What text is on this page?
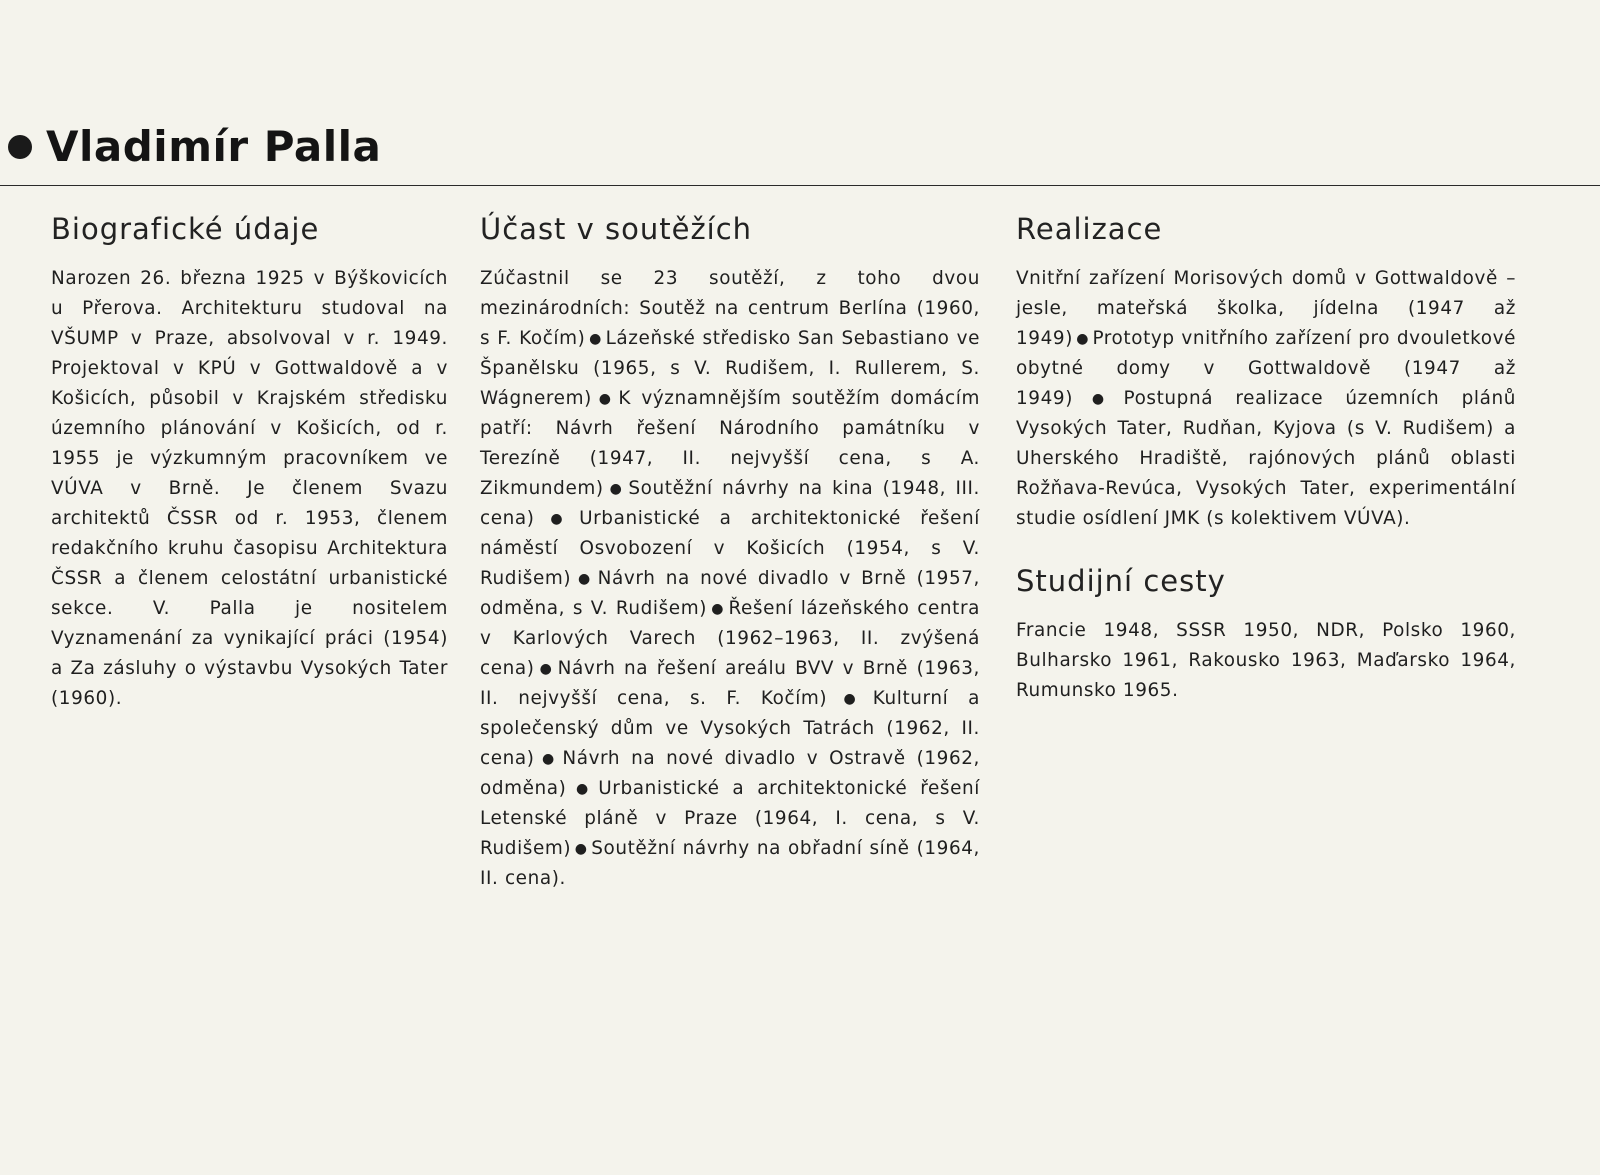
Vladimír Palla
Biografické údaje

Narozen 26. března 1925 v Býškovicích u Přerova. Architekturu studoval na VŠUMP v Praze, absolvoval v r. 1949. Projektoval v KPÚ v Gottwaldově a v Košicích, působil v Krajském středisku územního plánování v Košicích, od r. 1955 je výzkumným pracovníkem ve VÚVA v Brně. Je členem Svazu architektů ČSSR od r. 1953, členem redakčního kruhu časopisu Architektura ČSSR a členem celostátní urbanistické sekce. V. Palla je nositelem Vyznamenání za vynikající práci (1954) a Za zásluhy o výstavbu Vysokých Tater (1960).

Účast v soutěžích

Zúčastnil se 23 soutěží, z toho dvou mezinárodních: Soutěž na centrum Berlína (1960, s F. Kočím) ● Lázeňské středisko San Sebastiano ve Španělsku (1965, s V. Rudišem, I. Rullerem, S. Wágnerem) ● K významnějším soutěžím domácím patří: Návrh řešení Národního památníku v Terezíně (1947, II. nejvyšší cena, s A. Zikmundem) ● Soutěžní návrhy na kina (1948, III. cena) ● Urbanistické a architektonické řešení náměstí Osvobození v Košicích (1954, s V. Rudišem) ● Návrh na nové divadlo v Brně (1957, odměna, s V. Rudišem) ● Řešení lázeňského centra v Karlových Varech (1962–1963, II. zvýšená cena) ● Návrh na řešení areálu BVV v Brně (1963, II. nejvyšší cena, s. F. Kočím) ● Kulturní a společenský dům ve Vysokých Tatrách (1962, II. cena) ● Návrh na nové divadlo v Ostravě (1962, odměna) ● Urbanistické a architektonické řešení Letenské pláně v Praze (1964, I. cena, s V. Rudišem) ● Soutěžní návrhy na obřadní síně (1964, II. cena).

Realizace

Vnitřní zařízení Morisových domů v Gottwaldově – jesle, mateřská školka, jídelna (1947 až 1949) ● Prototyp vnitřního zařízení pro dvouletkové obytné domy v Gottwaldově (1947 až 1949) ● Postupná realizace územních plánů Vysokých Tater, Rudňan, Kyjova (s V. Rudišem) a Uherského Hradiště, rajónových plánů oblasti Rožňava-Revúca, Vysokých Tater, experimentální studie osídlení JMK (s kolektivem VÚVA).

Studijní cesty

Francie 1948, SSSR 1950, NDR, Polsko 1960, Bulharsko 1961, Rakousko 1963, Maďarsko 1964, Rumunsko 1965.
